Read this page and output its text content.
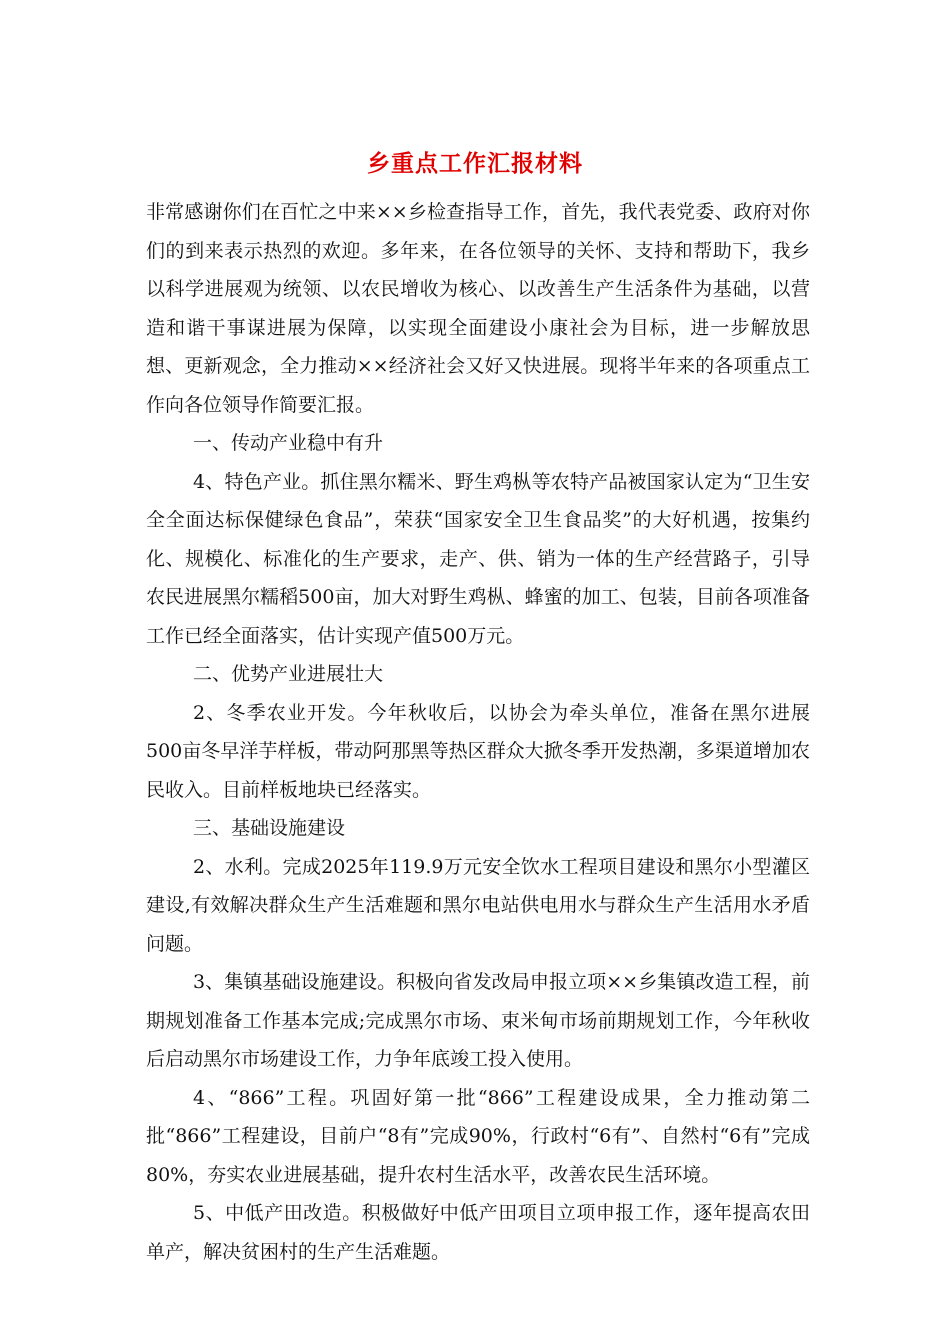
乡重点工作汇报材料

非常感谢你们在百忙之中来××乡检查指导工作，首先，我代表党委、政府对你们的到来表示热烈的欢迎。多年来，在各位领导的关怀、支持和帮助下，我乡以科学进展观为统领、以农民增收为核心、以改善生产生活条件为基础，以营造和谐干事谋进展为保障，以实现全面建设小康社会为目标，进一步解放思想、更新观念，全力推动××经济社会又好又快进展。现将半年来的各项重点工作向各位领导作简要汇报。

一、传动产业稳中有升

4、特色产业。抓住黑尔糯米、野生鸡枞等农特产品被国家认定为“卫生安全全面达标保健绿色食品”，荣获“国家安全卫生食品奖”的大好机遇，按集约化、规模化、标准化的生产要求，走产、供、销为一体的生产经营路子，引导农民进展黑尔糯稻500亩，加大对野生鸡枞、蜂蜜的加工、包装，目前各项准备工作已经全面落实，估计实现产值500万元。

二、优势产业进展壮大

2、冬季农业开发。今年秋收后，以协会为牵头单位，准备在黑尔进展500亩冬早洋芋样板，带动阿那黑等热区群众大掀冬季开发热潮，多渠道增加农民收入。目前样板地块已经落实。

三、基础设施建设

2、水利。完成2025年119.9万元安全饮水工程项目建设和黑尔小型灌区建设,有效解决群众生产生活难题和黑尔电站供电用水与群众生产生活用水矛盾问题。

3、集镇基础设施建设。积极向省发改局申报立项××乡集镇改造工程，前期规划准备工作基本完成;完成黑尔市场、束米甸市场前期规划工作，今年秋收后启动黑尔市场建设工作，力争年底竣工投入使用。

4、“866”工程。巩固好第一批“866”工程建设成果，全力推动第二批“866”工程建设，目前户“8有”完成90%，行政村“6有”、自然村“6有”完成80%，夯实农业进展基础，提升农村生活水平，改善农民生活环境。

5、中低产田改造。积极做好中低产田项目立项申报工作，逐年提高农田单产，解决贫困村的生产生活难题。
